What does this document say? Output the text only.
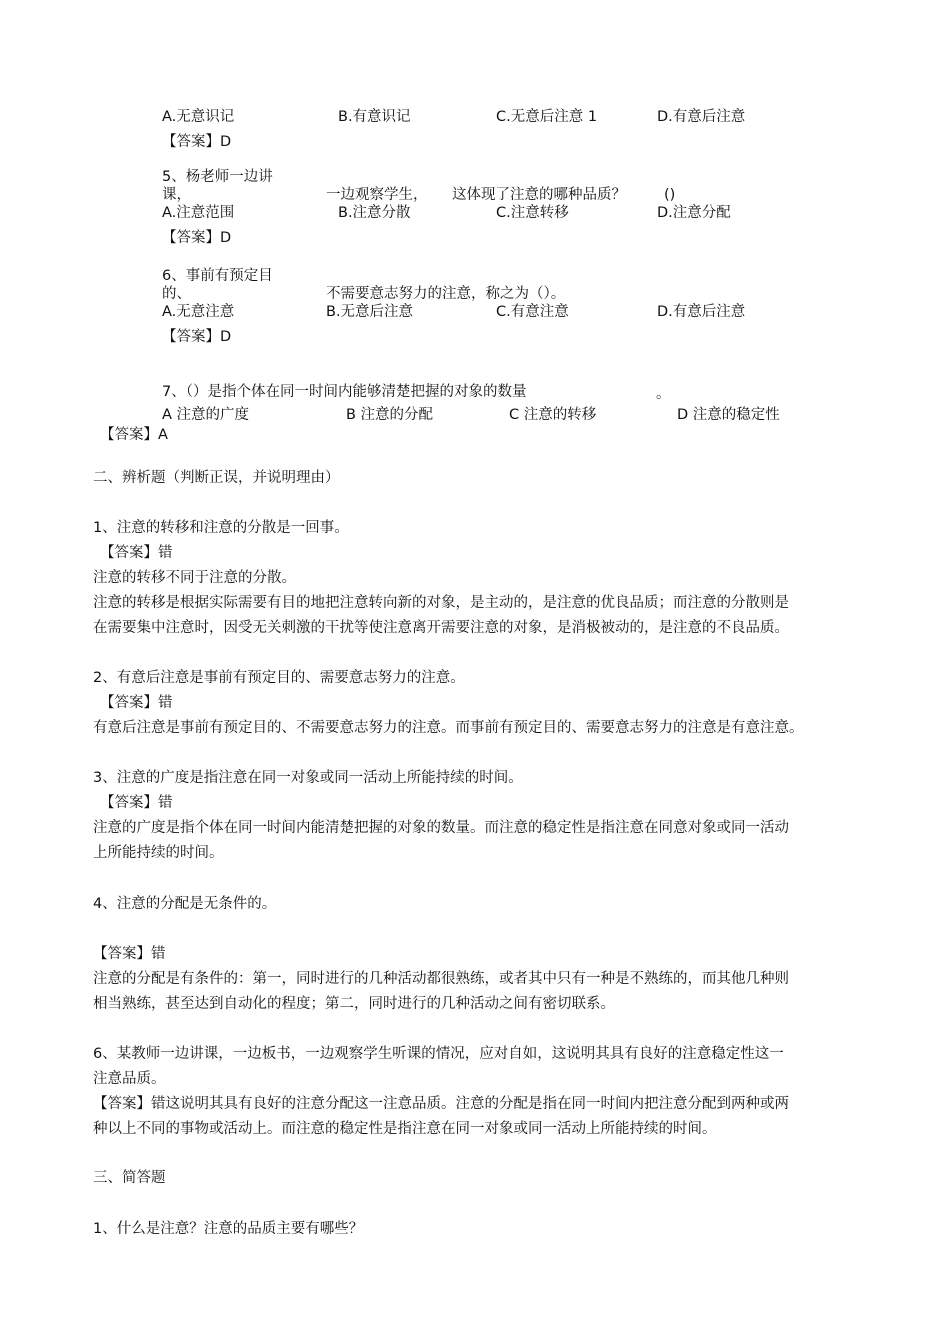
A.无意识记	B.有意识记	C.无意后注意 1	D.有意后注意
【答案】D
5、杨老师一边讲
课，	一边观察学生， 这体现了注意的哪种品质？	()
A.注意范围	B.注意分散	C.注意转移	D.注意分配
【答案】D
6、事前有预定目
的、	不需要意志努力的注意，称之为（）。
A.无意注意	B.无意后注意	C.有意注意	D.有意后注意
【答案】D
7、（）是指个体在同一时间内能够清楚把握的对象的数量	。
A 注意的广度	B 注意的分配	C 注意的转移	D 注意的稳定性
【答案】A
二、辨析题（判断正误，并说明理由）
1、注意的转移和注意的分散是一回事。
【答案】错
注意的转移不同于注意的分散。
注意的转移是根据实际需要有目的地把注意转向新的对象，是主动的，是注意的优良品质；而注意的分散则是
在需要集中注意时，因受无关刺激的干扰等使注意离开需要注意的对象，是消极被动的，是注意的不良品质。
2、有意后注意是事前有预定目的、需要意志努力的注意。
【答案】错
有意后注意是事前有预定目的、不需要意志努力的注意。而事前有预定目的、需要意志努力的注意是有意注意。
3、注意的广度是指注意在同一对象或同一活动上所能持续的时间。
【答案】错
注意的广度是指个体在同一时间内能清楚把握的对象的数量。而注意的稳定性是指注意在同意对象或同一活动
上所能持续的时间。
4、注意的分配是无条件的。
【答案】错
注意的分配是有条件的：第一，同时进行的几种活动都很熟练，或者其中只有一种是不熟练的，而其他几种则
相当熟练，甚至达到自动化的程度；第二，同时进行的几种活动之间有密切联系。
6、某教师一边讲课，一边板书，一边观察学生听课的情况，应对自如，这说明其具有良好的注意稳定性这一
注意品质。
【答案】错这说明其具有良好的注意分配这一注意品质。注意的分配是指在同一时间内把注意分配到两种或两
种以上不同的事物或活动上。而注意的稳定性是指注意在同一对象或同一活动上所能持续的时间。
三、简答题
1、什么是注意？注意的品质主要有哪些？
